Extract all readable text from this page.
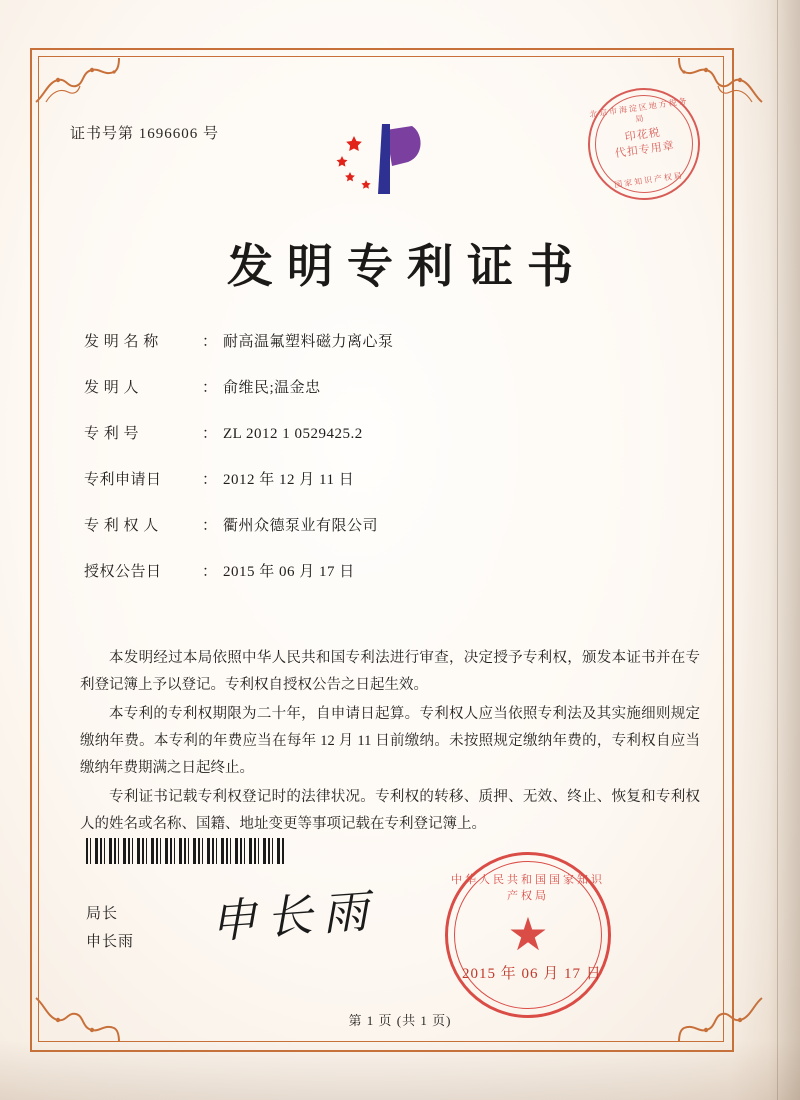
证书号第 1696606 号
北京市海淀区地方税务局
印花税
代扣专用章
国家知识产权局
发明专利证书
发 明 名 称	： 耐高温氟塑料磁力离心泵
发 明 人	： 俞维民;温金忠
专 利 号	： ZL 2012 1 0529425.2
专利申请日	： 2012 年 12 月 11 日
专 利 权 人	： 衢州众德泵业有限公司
授权公告日	： 2015 年 06 月 17 日

本发明经过本局依照中华人民共和国专利法进行审查，决定授予专利权，颁发本证书并在专利登记簿上予以登记。专利权自授权公告之日起生效。

本专利的专利权期限为二十年，自申请日起算。专利权人应当依照专利法及其实施细则规定缴纳年费。本专利的年费应当在每年 12 月 11 日前缴纳。未按照规定缴纳年费的，专利权自应当缴纳年费期满之日起终止。

专利证书记载专利权登记时的法律状况。专利权的转移、质押、无效、终止、恢复和专利权人的姓名或名称、国籍、地址变更等事项记载在专利登记簿上。

局长
申长雨 申长雨
中华人民共和国国家知识产权局
★
2015 年 06 月 17 日
第 1 页 (共 1 页)
